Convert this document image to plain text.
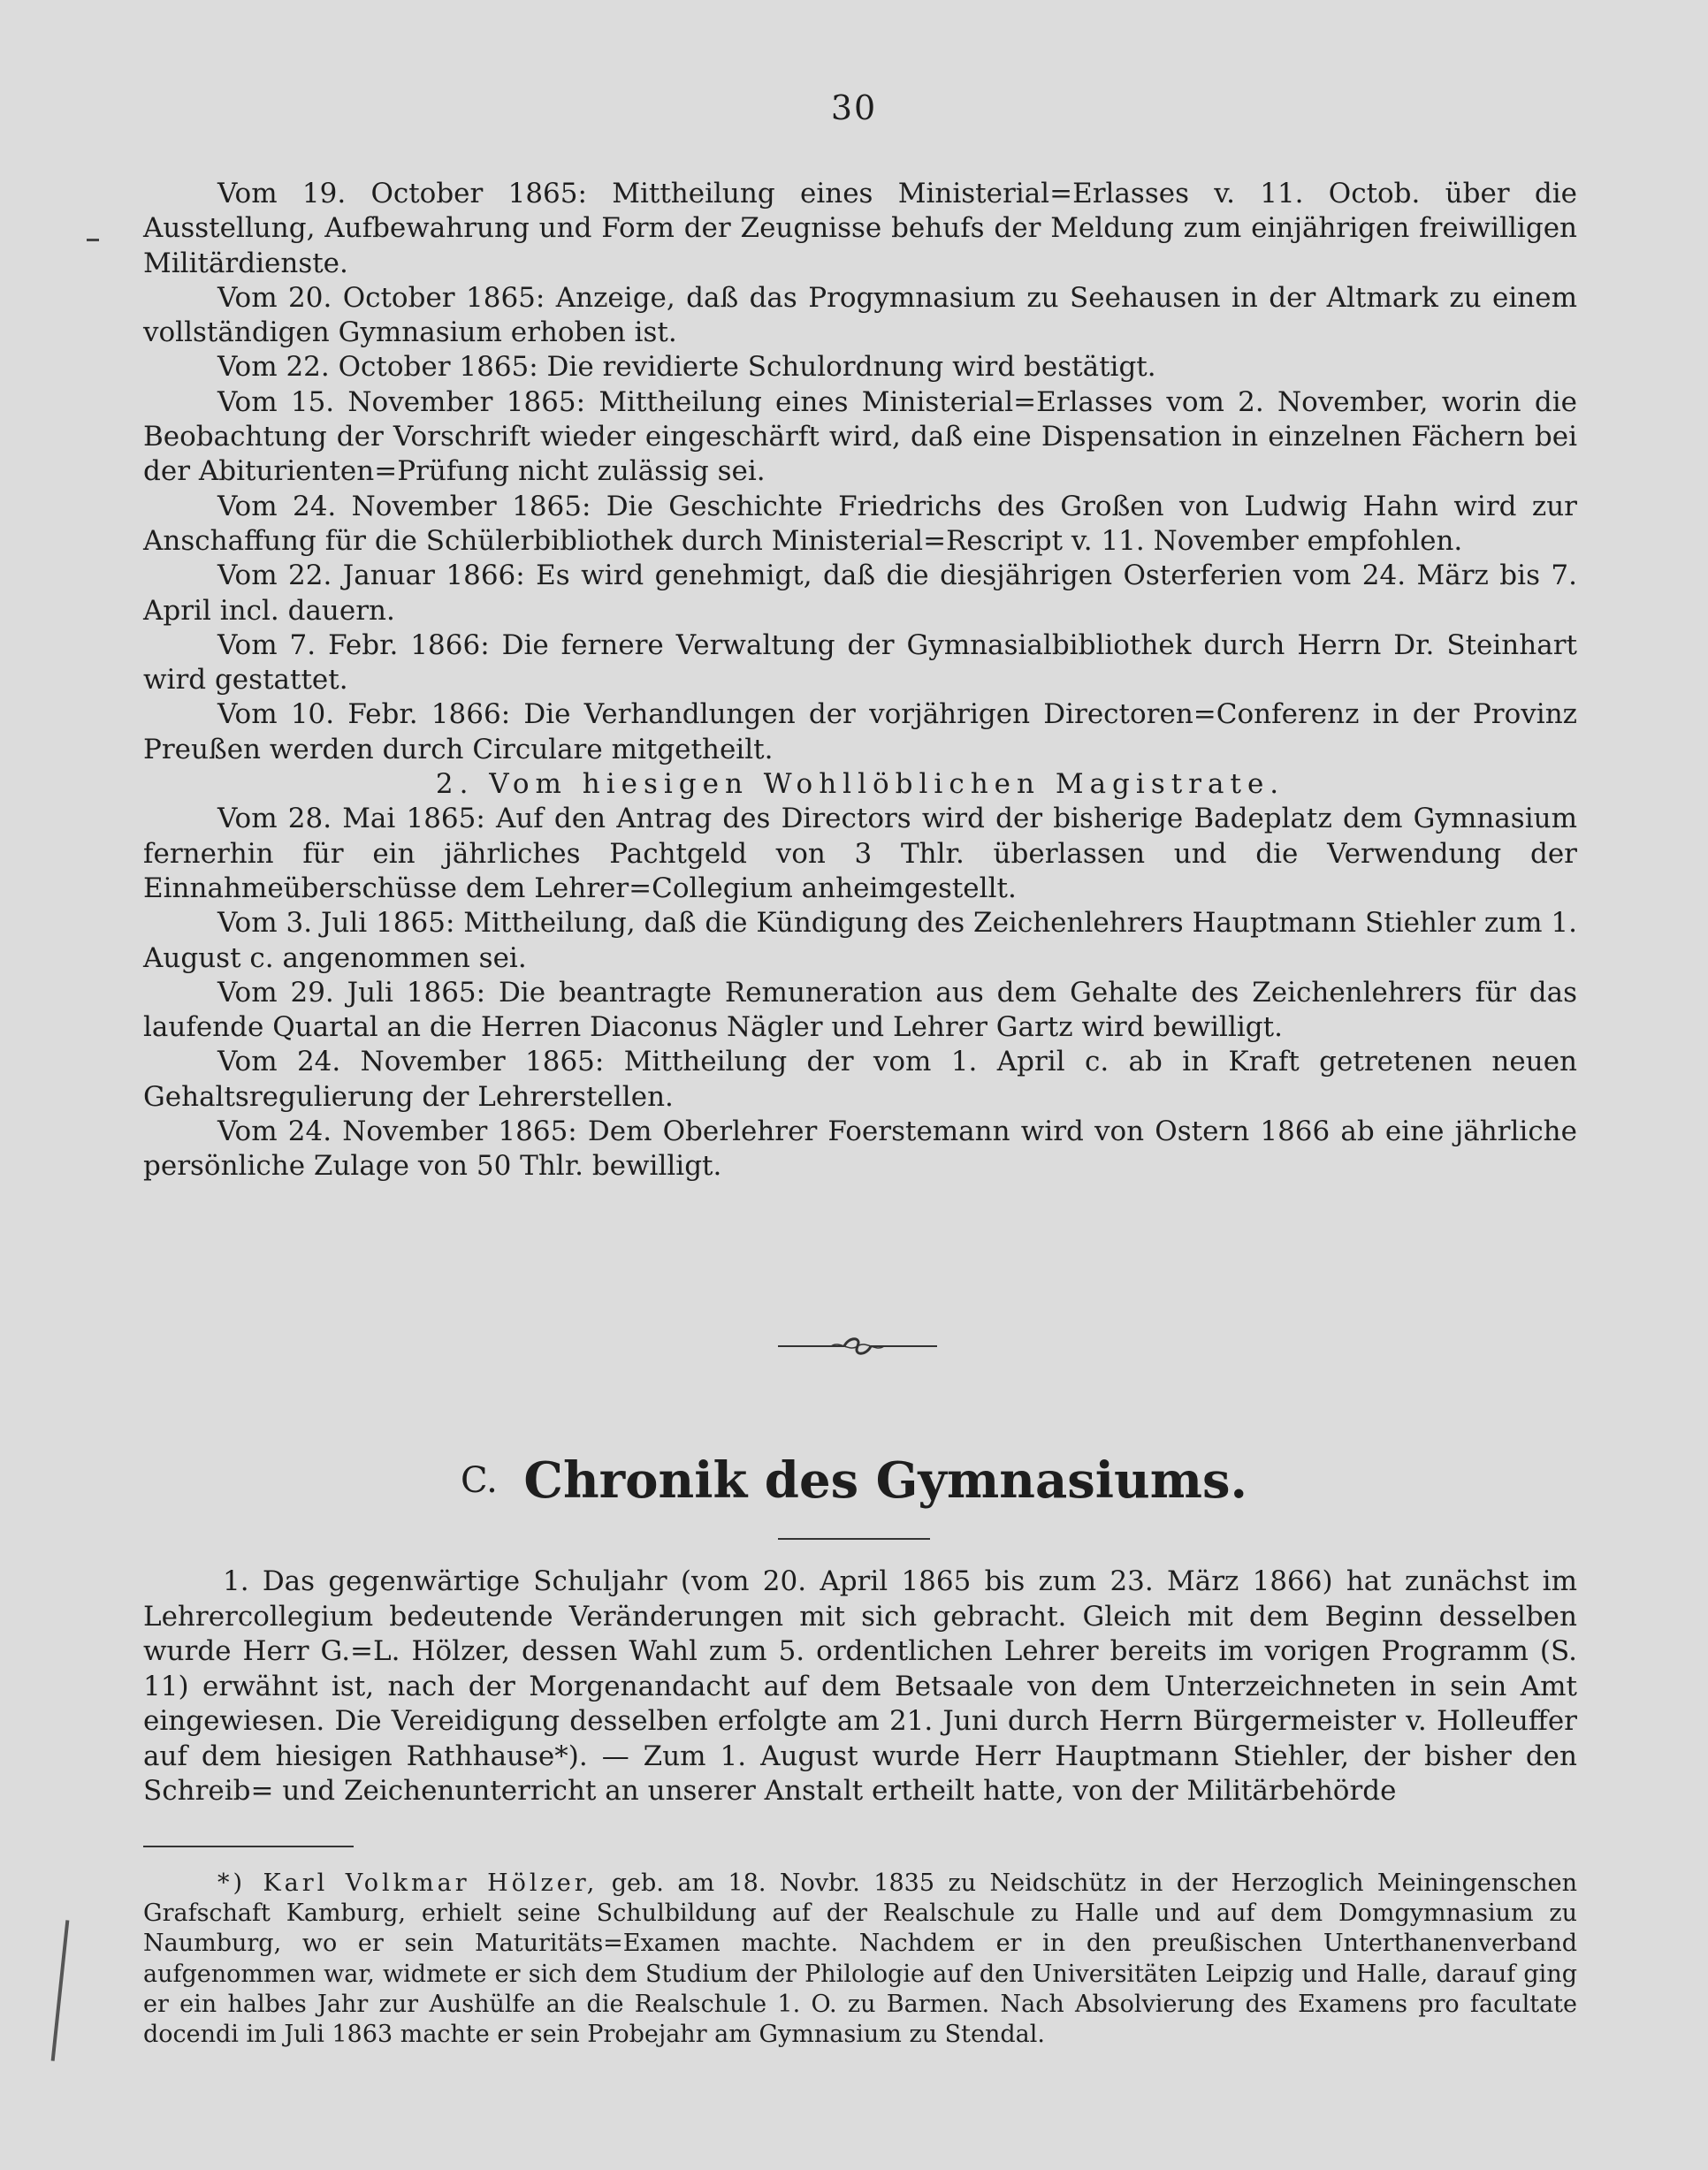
30

Vom 19. October 1865: Mittheilung eines Ministerial=Erlasses v. 11. Octob. über die Ausstellung, Aufbewahrung und Form der Zeugnisse behufs der Meldung zum einjährigen freiwilligen Militärdienste.

Vom 20. October 1865: Anzeige, daß das Progymnasium zu Seehausen in der Altmark zu einem vollständigen Gymnasium erhoben ist.

Vom 22. October 1865: Die revidierte Schulordnung wird bestätigt.

Vom 15. November 1865: Mittheilung eines Ministerial=Erlasses vom 2. November, worin die Beobachtung der Vorschrift wieder eingeschärft wird, daß eine Dispensation in einzelnen Fächern bei der Abiturienten=Prüfung nicht zulässig sei.

Vom 24. November 1865: Die Geschichte Friedrichs des Großen von Ludwig Hahn wird zur Anschaffung für die Schülerbibliothek durch Ministerial=Rescript v. 11. November empfohlen.

Vom 22. Januar 1866: Es wird genehmigt, daß die diesjährigen Osterferien vom 24. März bis 7. April incl. dauern.

Vom 7. Febr. 1866: Die fernere Verwaltung der Gymnasialbibliothek durch Herrn Dr. Steinhart wird gestattet.

Vom 10. Febr. 1866: Die Verhandlungen der vorjährigen Directoren=Conferenz in der Provinz Preußen werden durch Circulare mitgetheilt.

2. Vom hiesigen Wohllöblichen Magistrate.

Vom 28. Mai 1865: Auf den Antrag des Directors wird der bisherige Badeplatz dem Gymnasium fernerhin für ein jährliches Pachtgeld von 3 Thlr. überlassen und die Verwendung der Einnahmeüberschüsse dem Lehrer=Collegium anheimgestellt.

Vom 3. Juli 1865: Mittheilung, daß die Kündigung des Zeichenlehrers Hauptmann Stiehler zum 1. August c. angenommen sei.

Vom 29. Juli 1865: Die beantragte Remuneration aus dem Gehalte des Zeichenlehrers für das laufende Quartal an die Herren Diaconus Nägler und Lehrer Gartz wird bewilligt.

Vom 24. November 1865: Mittheilung der vom 1. April c. ab in Kraft getretenen neuen Gehaltsregulierung der Lehrerstellen.

Vom 24. November 1865: Dem Oberlehrer Foerstemann wird von Ostern 1866 ab eine jährliche persönliche Zulage von 50 Thlr. bewilligt.

C. Chronik des Gymnasiums.

1. Das gegenwärtige Schuljahr (vom 20. April 1865 bis zum 23. März 1866) hat zunächst im Lehrercollegium bedeutende Veränderungen mit sich gebracht. Gleich mit dem Beginn desselben wurde Herr G.=L. Hölzer, dessen Wahl zum 5. ordentlichen Lehrer bereits im vorigen Programm (S. 11) erwähnt ist, nach der Morgenandacht auf dem Betsaale von dem Unterzeichneten in sein Amt eingewiesen. Die Vereidigung desselben erfolgte am 21. Juni durch Herrn Bürgermeister v. Holleuffer auf dem hiesigen Rathhause*). — Zum 1. August wurde Herr Hauptmann Stiehler, der bisher den Schreib= und Zeichenunterricht an unserer Anstalt ertheilt hatte, von der Militärbehörde

*) Karl Volkmar Hölzer, geb. am 18. Novbr. 1835 zu Neidschütz in der Herzoglich Meiningenschen Grafschaft Kamburg, erhielt seine Schulbildung auf der Realschule zu Halle und auf dem Domgymnasium zu Naumburg, wo er sein Maturitäts=Examen machte. Nachdem er in den preußischen Unterthanenverband aufgenommen war, widmete er sich dem Studium der Philologie auf den Universitäten Leipzig und Halle, darauf ging er ein halbes Jahr zur Aushülfe an die Realschule 1. O. zu Barmen. Nach Absolvierung des Examens pro facultate docendi im Juli 1863 machte er sein Probejahr am Gymnasium zu Stendal.
